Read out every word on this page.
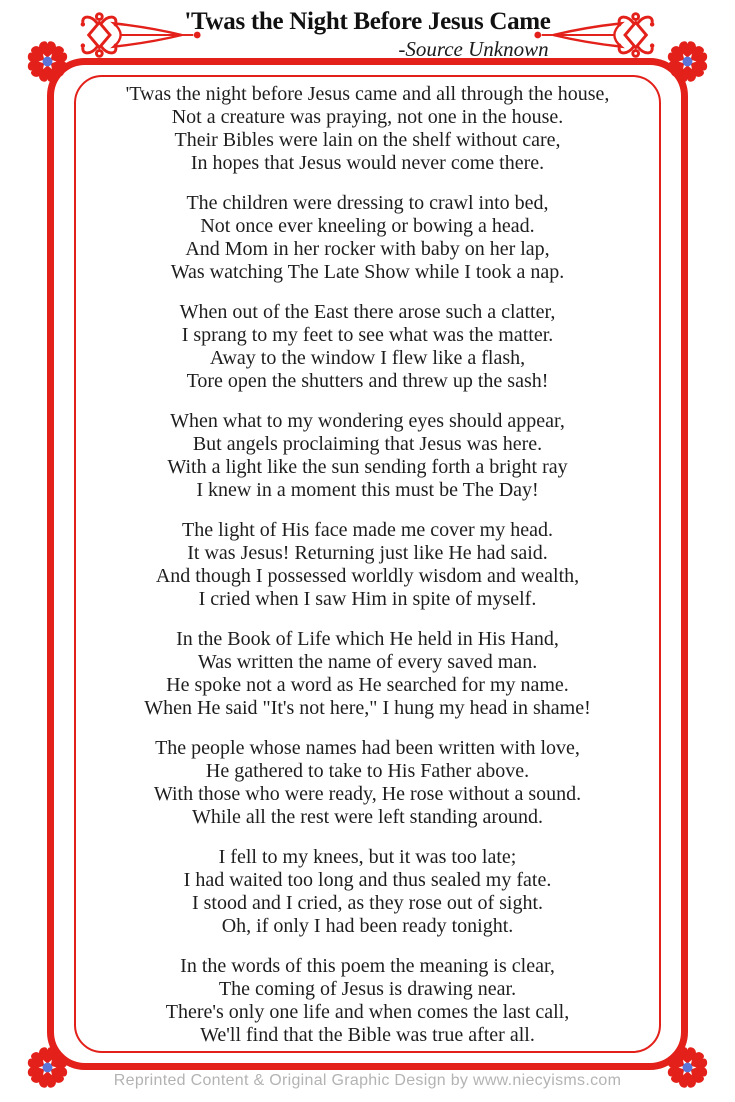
'Twas the Night Before Jesus Came
-Source Unknown
'Twas the night before Jesus came and all through the house,
Not a creature was praying, not one in the house.
Their Bibles were lain on the shelf without care,
In hopes that Jesus would never come there.
The children were dressing to crawl into bed,
Not once ever kneeling or bowing a head.
And Mom in her rocker with baby on her lap,
Was watching The Late Show while I took a nap.
When out of the East there arose such a clatter,
I sprang to my feet to see what was the matter.
Away to the window I flew like a flash,
Tore open the shutters and threw up the sash!
When what to my wondering eyes should appear,
But angels proclaiming that Jesus was here.
With a light like the sun sending forth a bright ray
I knew in a moment this must be The Day!
The light of His face made me cover my head.
It was Jesus! Returning just like He had said.
And though I possessed worldly wisdom and wealth,
I cried when I saw Him in spite of myself.
In the Book of Life which He held in His Hand,
Was written the name of every saved man.
He spoke not a word as He searched for my name.
When He said "It's not here," I hung my head in shame!
The people whose names had been written with love,
He gathered to take to His Father above.
With those who were ready, He rose without a sound.
While all the rest were left standing around.
I fell to my knees, but it was too late;
I had waited too long and thus sealed my fate.
I stood and I cried, as they rose out of sight.
Oh, if only I had been ready tonight.
In the words of this poem the meaning is clear,
The coming of Jesus is drawing near.
There's only one life and when comes the last call,
We'll find that the Bible was true after all.
Reprinted Content & Original Graphic Design by www.niecyisms.com
